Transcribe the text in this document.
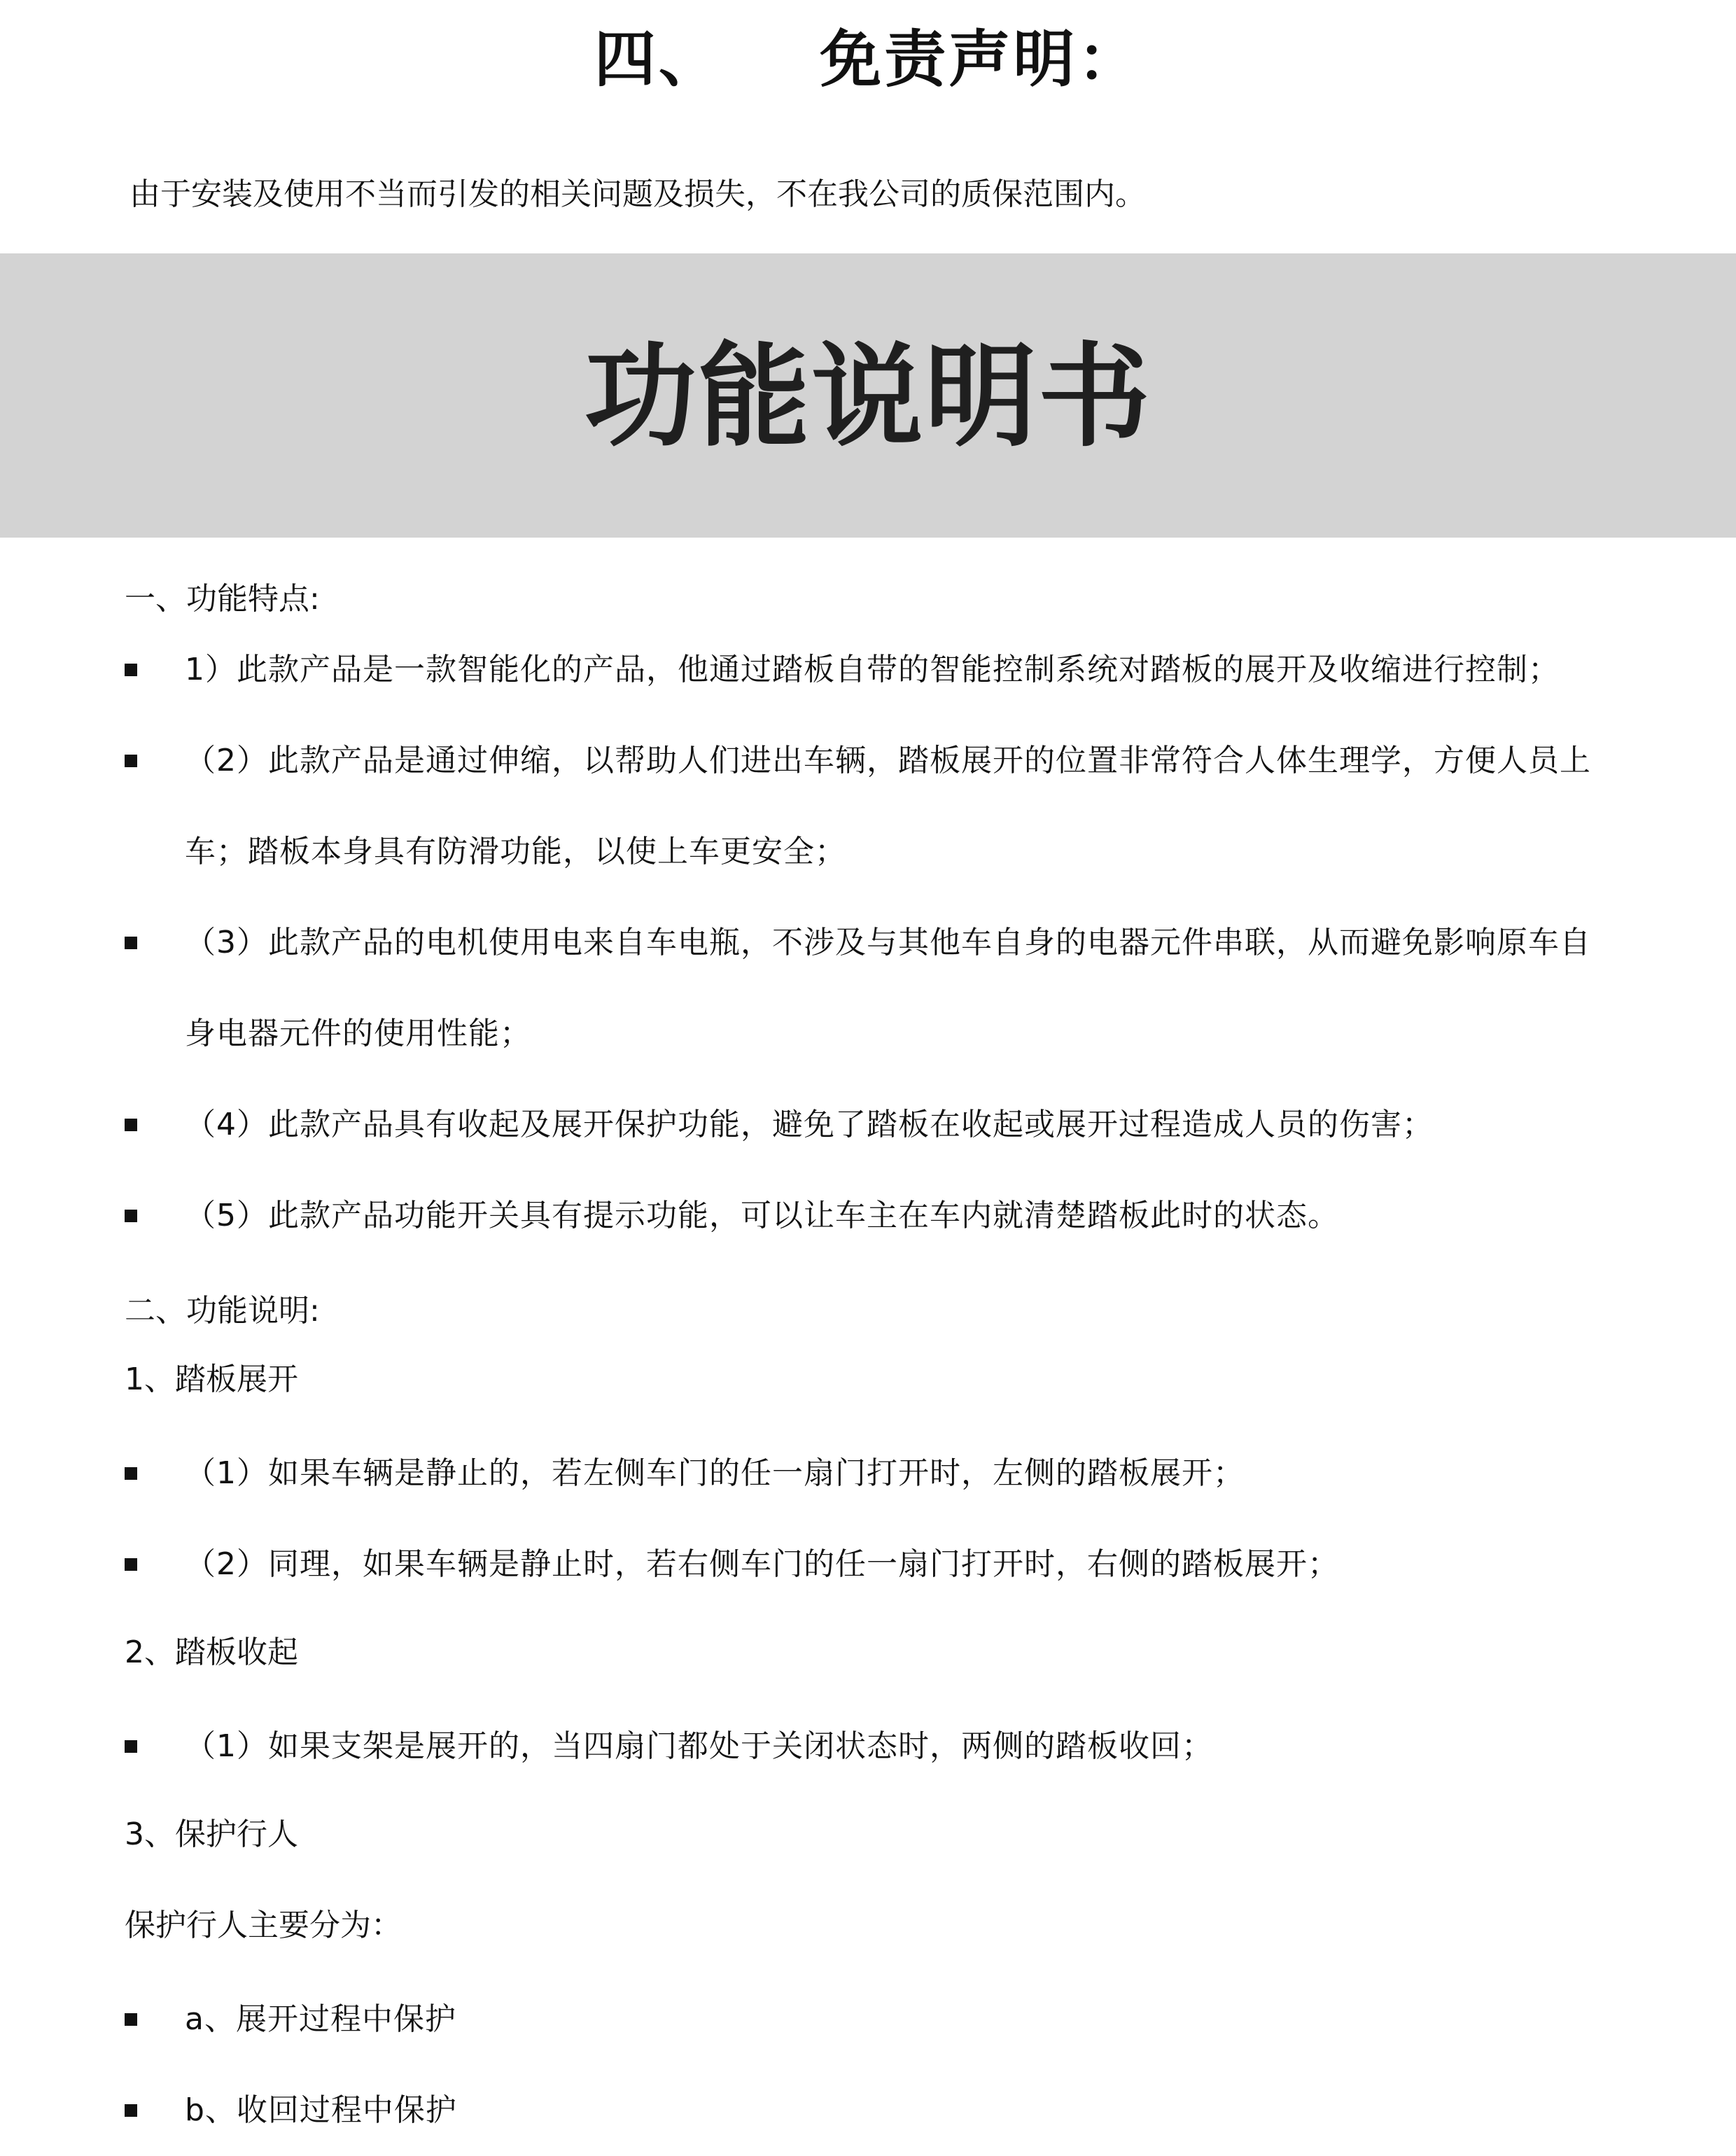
四、    免责声明：
由于安装及使用不当而引发的相关问题及损失，不在我公司的质保范围内。
功能说明书
一、功能特点:
1）此款产品是一款智能化的产品，他通过踏板自带的智能控制系统对踏板的展开及收缩进行控制；
（2）此款产品是通过伸缩，以帮助人们进出车辆，踏板展开的位置非常符合人体生理学，方便人员上车；踏板本身具有防滑功能，以使上车更安全；
（3）此款产品的电机使用电来自车电瓶，不涉及与其他车自身的电器元件串联，从而避免影响原车自身电器元件的使用性能；
（4）此款产品具有收起及展开保护功能，避免了踏板在收起或展开过程造成人员的伤害；
（5）此款产品功能开关具有提示功能，可以让车主在车内就清楚踏板此时的状态。
二、功能说明:
1、踏板展开
（1）如果车辆是静止的，若左侧车门的任一扇门打开时，左侧的踏板展开；
（2）同理，如果车辆是静止时，若右侧车门的任一扇门打开时，右侧的踏板展开；
2、踏板收起
（1）如果支架是展开的，当四扇门都处于关闭状态时，两侧的踏板收回；
3、保护行人
保护行人主要分为：
a、展开过程中保护
b、收回过程中保护
